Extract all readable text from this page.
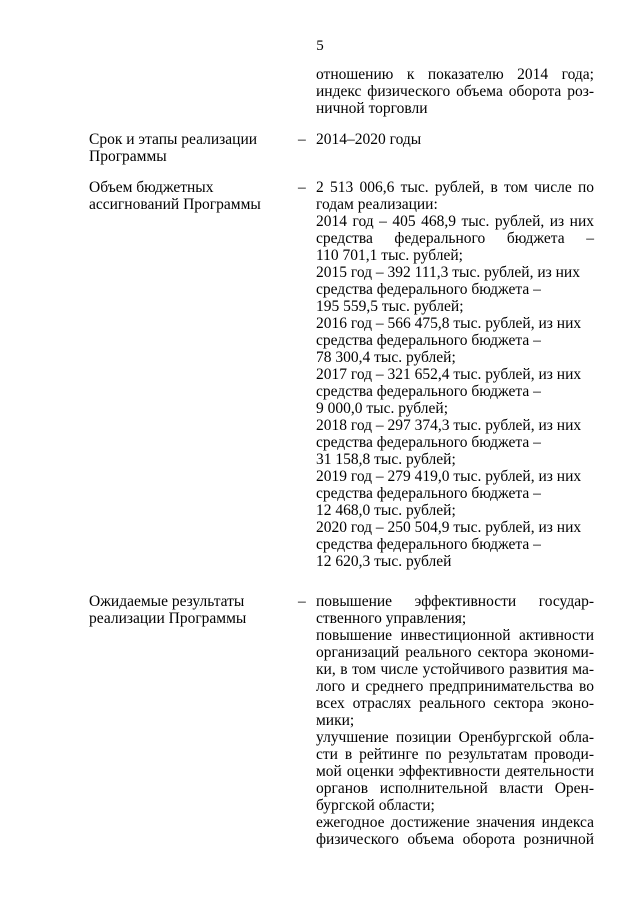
5
отношению к показателю 2014 года;
индекс физического объема оборота роз-
ничной торговли
Срок и этапы реализации
Программы
– 2014–2020 годы
Объем бюджетных
ассигнований Программы
– 2 513 006,6 тыс. рублей, в том числе по
годам реализации:
2014 год – 405 468,9 тыс. рублей, из них
средства федерального бюджета –
110 701,1 тыс. рублей;
2015 год – 392 111,3 тыс. рублей, из них
средства федерального бюджета –
195 559,5 тыс. рублей;
2016 год – 566 475,8 тыс. рублей, из них
средства федерального бюджета –
78 300,4 тыс. рублей;
2017 год – 321 652,4 тыс. рублей, из них
средства федерального бюджета –
9 000,0 тыс. рублей;
2018 год – 297 374,3 тыс. рублей, из них
средства федерального бюджета –
31 158,8 тыс. рублей;
2019 год – 279 419,0 тыс. рублей, из них
средства федерального бюджета –
12 468,0 тыс. рублей;
2020 год – 250 504,9 тыс. рублей, из них
средства федерального бюджета –
12 620,3 тыс. рублей
Ожидаемые результаты
реализации Программы
– повышение эффективности государ-
ственного управления;
повышение инвестиционной активности
организаций реального сектора экономи-
ки, в том числе устойчивого развития ма-
лого и среднего предпринимательства во
всех отраслях реального сектора эконо-
мики;
улучшение позиции Оренбургской обла-
сти в рейтинге по результатам проводи-
мой оценки эффективности деятельности
органов исполнительной власти Орен-
бургской области;
ежегодное достижение значения индекса
физического объема оборота розничной
